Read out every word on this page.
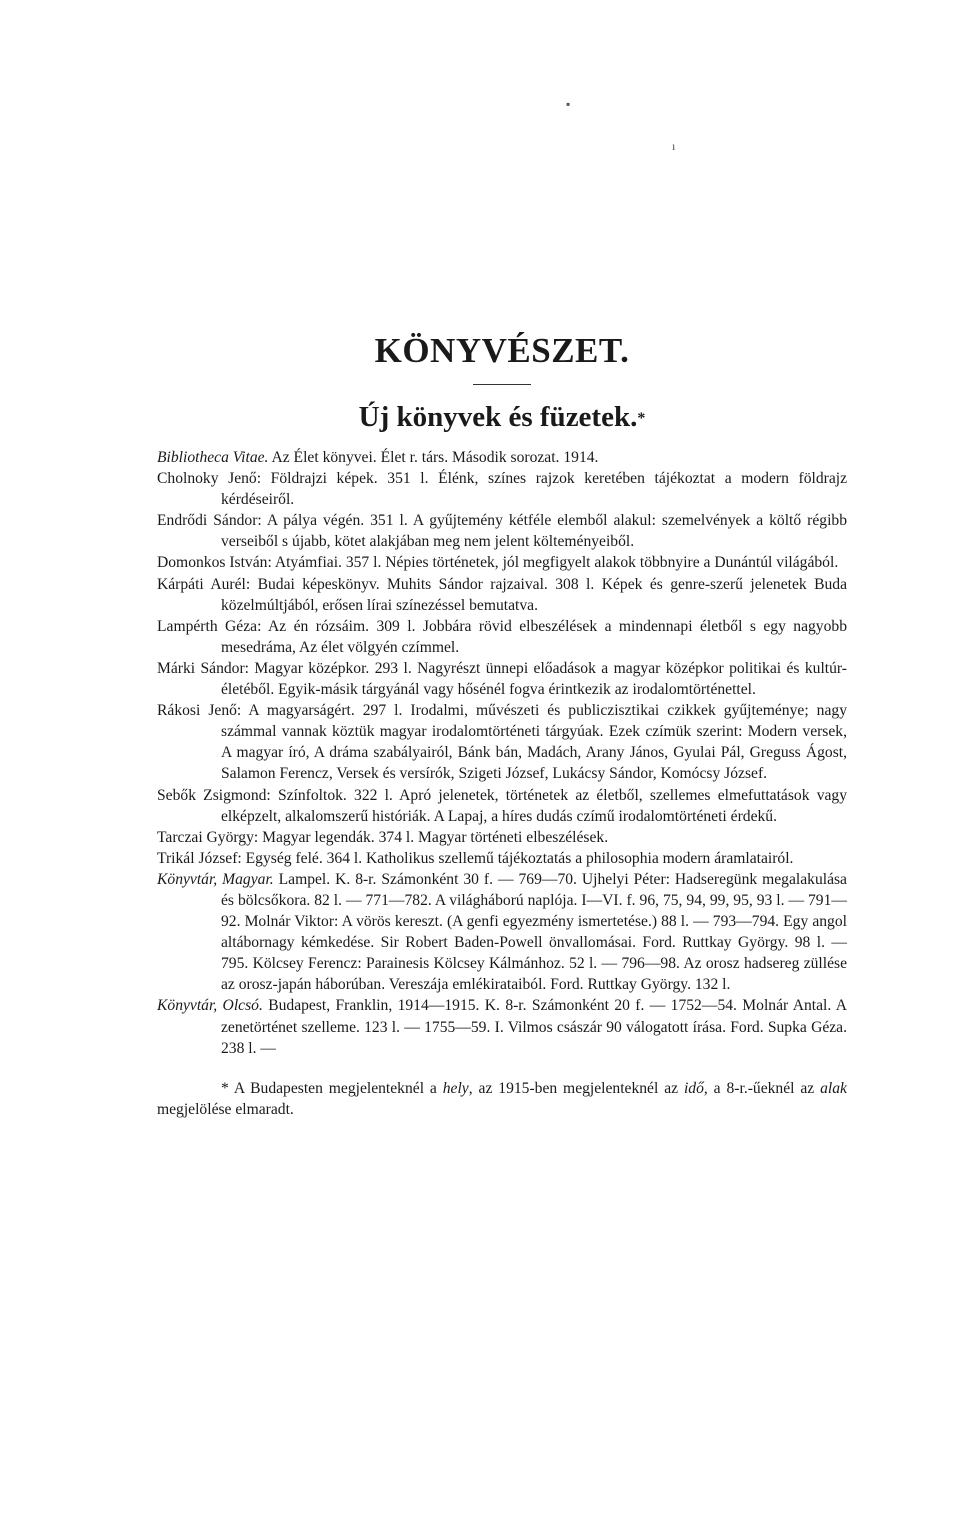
▪
ı
KÖNYVÉSZET.
Új könyvek és füzetek.*

Bibliotheca Vitae. Az Élet könyvei. Élet r. társ. Második sorozat. 1914.

Cholnoky Jenő: Földrajzi képek. 351 l. Élénk, színes rajzok keretében tájékoztat a modern földrajz kérdéseiről.

Endrődi Sándor: A pálya végén. 351 l. A gyűjtemény kétféle elemből alakul: szemelvények a költő régibb verseiből s újabb, kötet alakjában meg nem jelent költeményeiből.

Domonkos István: Atyámfiai. 357 l. Népies történetek, jól megfigyelt alakok többnyire a Dunántúl világából.

Kárpáti Aurél: Budai képeskönyv. Muhits Sándor rajzaival. 308 l. Képek és genre-szerű jelenetek Buda közelmúltjából, erősen lírai színezéssel bemutatva.

Lampérth Géza: Az én rózsáim. 309 l. Jobbára rövid elbeszélések a mindennapi életből s egy nagyobb mesedráma, Az élet völgyén czímmel.

Márki Sándor: Magyar középkor. 293 l. Nagyrészt ünnepi előadások a magyar középkor politikai és kultúr-életéből. Egyik-másik tárgyánál vagy hősénél fogva érintkezik az irodalomtörténettel.

Rákosi Jenő: A magyarságért. 297 l. Irodalmi, művészeti és publiczisztikai czikkek gyűjteménye; nagy számmal vannak köztük magyar irodalomtörténeti tárgyúak. Ezek czímük szerint: Modern versek, A magyar író, A dráma szabályairól, Bánk bán, Madách, Arany János, Gyulai Pál, Greguss Ágost, Salamon Ferencz, Versek és versírók, Szigeti József, Lukácsy Sándor, Komócsy József.

Sebők Zsigmond: Színfoltok. 322 l. Apró jelenetek, történetek az életből, szellemes elmefuttatások vagy elképzelt, alkalomszerű históriák. A Lapaj, a híres dudás czímű irodalomtörténeti érdekű.

Tarczai György: Magyar legendák. 374 l. Magyar történeti elbeszélések.

Trikál József: Egység felé. 364 l. Katholikus szellemű tájékoztatás a philosophia modern áramlatairól.

Könyvtár, Magyar. Lampel. K. 8-r. Számonként 30 f. — 769—70. Ujhelyi Péter: Hadseregünk megalakulása és bölcsőkora. 82 l. — 771—782. A világháború naplója. I—VI. f. 96, 75, 94, 99, 95, 93 l. — 791—92. Molnár Viktor: A vörös kereszt. (A genfi egyezmény ismertetése.) 88 l. — 793—794. Egy angol altábornagy kémkedése. Sir Robert Baden-Powell önvallomásai. Ford. Ruttkay György. 98 l. — 795. Kölcsey Ferencz: Parainesis Kölcsey Kálmánhoz. 52 l. — 796—98. Az orosz hadsereg züllése az orosz-japán háborúban. Vereszája emlékirataiból. Ford. Ruttkay György. 132 l.

Könyvtár, Olcsó. Budapest, Franklin, 1914—1915. K. 8-r. Számonként 20 f. — 1752—54. Molnár Antal. A zenetörténet szelleme. 123 l. — 1755—59. I. Vilmos császár 90 válogatott írása. Ford. Supka Géza. 238 l. —

* A Budapesten megjelenteknél a hely, az 1915-ben megjelenteknél az idő, a 8-r.-űeknél az alak megjelölése elmaradt.
